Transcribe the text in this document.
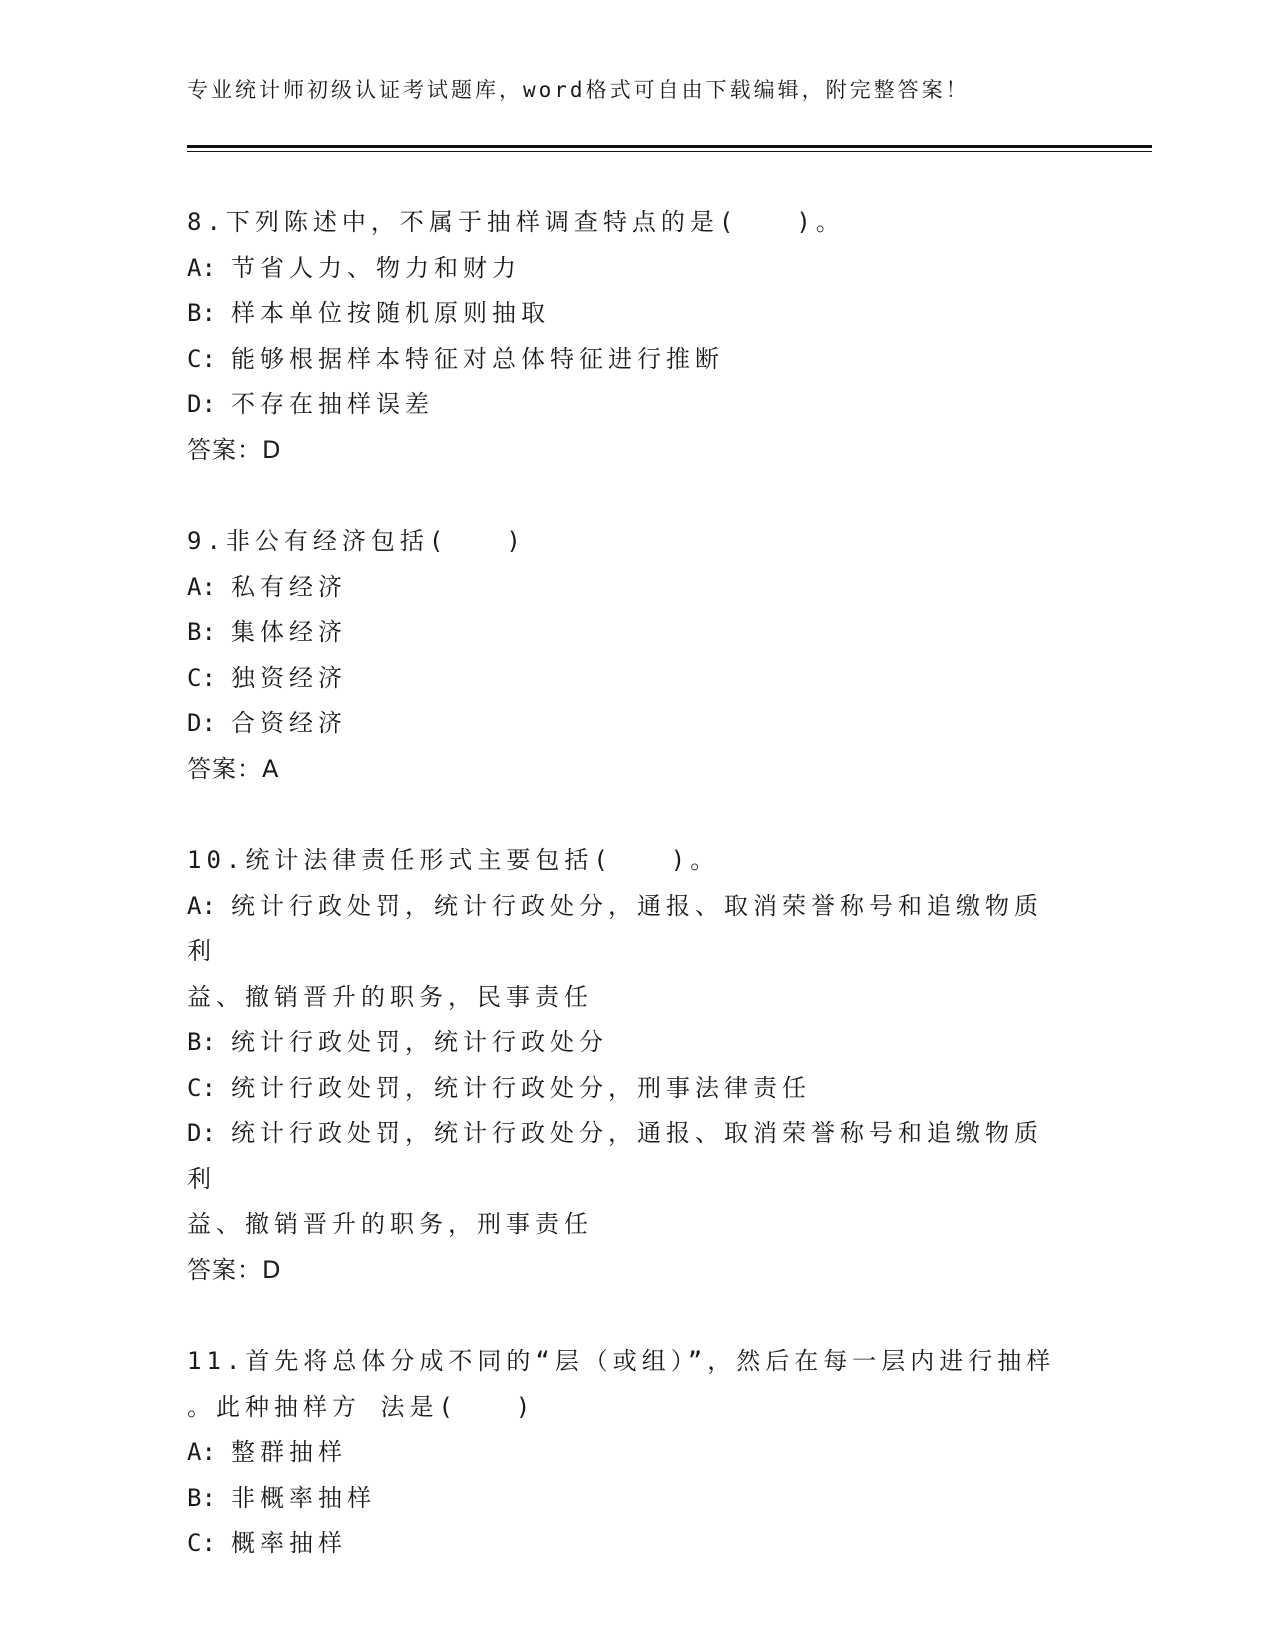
专业统计师初级认证考试题库，word格式可自由下载编辑，附完整答案！
8.下列陈述中，不属于抽样调查特点的是(　　)。
A: 节省人力、物力和财力
B: 样本单位按随机原则抽取
C: 能够根据样本特征对总体特征进行推断
D: 不存在抽样误差
答案：D
9.非公有经济包括(　　)
A: 私有经济
B: 集体经济
C: 独资经济
D: 合资经济
答案：A
10.统计法律责任形式主要包括(　　)。
A: 统计行政处罚，统计行政处分，通报、取消荣誉称号和追缴物质利
益、撤销晋升的职务，民事责任
B: 统计行政处罚，统计行政处分
C: 统计行政处罚，统计行政处分，刑事法律责任
D: 统计行政处罚，统计行政处分，通报、取消荣誉称号和追缴物质利
益、撤销晋升的职务，刑事责任
答案：D
11.首先将总体分成不同的“层（或组）”，然后在每一层内进行抽样
。此种抽样方 法是(　　)
A: 整群抽样
B: 非概率抽样
C: 概率抽样
